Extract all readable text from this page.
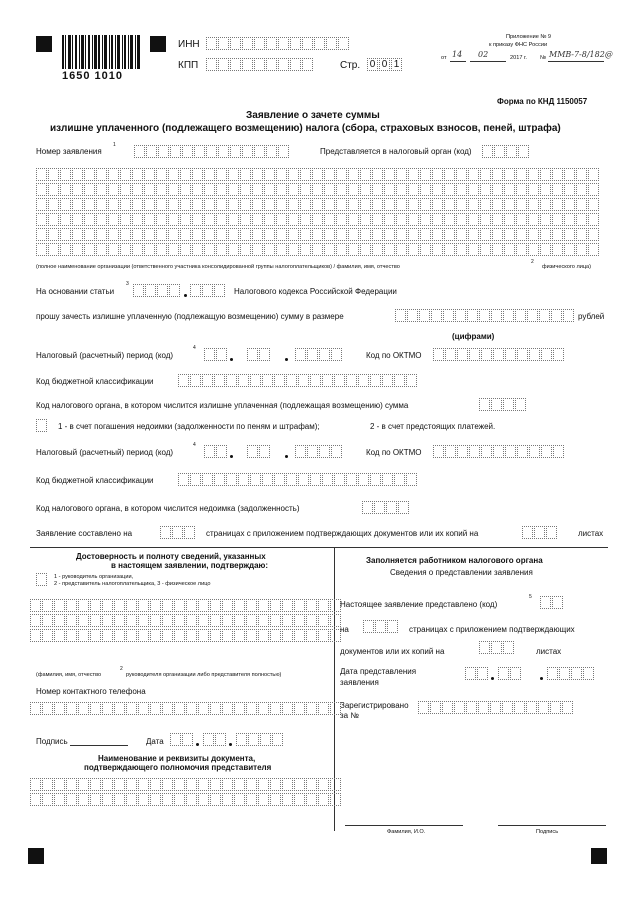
1650 1010
ИНН
КПП	Стр. 0 0 1
Приложение № 9
к приказу ФНС России
от 14 02	2017 г. № ММВ-7-8/182@
Форма по КНД 1150057
Заявление о зачете суммы
излишне уплаченного (подлежащего возмещению) налога (сбора, страховых взносов, пеней, штрафа)
Номер заявления
1
Представляется в налоговый орган (код)
(полное наименование организации (ответственного участника консолидированной группы налогоплательщиков) / фамилия, имя, отчество
2
физического лица)
На основании статьи
3
Налогового кодекса Российской Федерации
прошу зачесть излишне уплаченную (подлежащую возмещению) сумму в размере	рублей
(цифрами)
Налоговый (расчетный) период (код)
4
Код по ОКТМО
Код бюджетной классификации
Код налогового органа, в котором числится излишне уплаченная (подлежащая возмещению) сумма
1 - в счет погашения недоимки (задолженности по пеням и штрафам);	2 - в счет предстоящих платежей.
Налоговый (расчетный) период (код)
4
Код по ОКТМО
Код бюджетной классификации
Код налогового органа, в котором числится недоимка (задолженность)
Заявление составлено на	страницах с приложением подтверждающих документов или их копий на	листах
Достоверность и полноту сведений, указанных
в настоящем заявлении, подтверждаю:
1 - руководитель организации,
2 - представитель налогоплательщика, 3 - физическое лицо
(фамилия, имя, отчество
2
руководителя организации либо представителя полностью)
Номер контактного телефона
Подпись	Дата
Наименование и реквизиты документа,
подтверждающего полномочия представителя
Заполняется работником налогового органа
Сведения о представлении заявления
Настоящее заявление представлено (код)
5
на	страницах с приложением подтверждающих
документов или их копий на	листах
Дата представления
заявления
Зарегистрировано
за №
Фамилия, И.О.	Подпись
